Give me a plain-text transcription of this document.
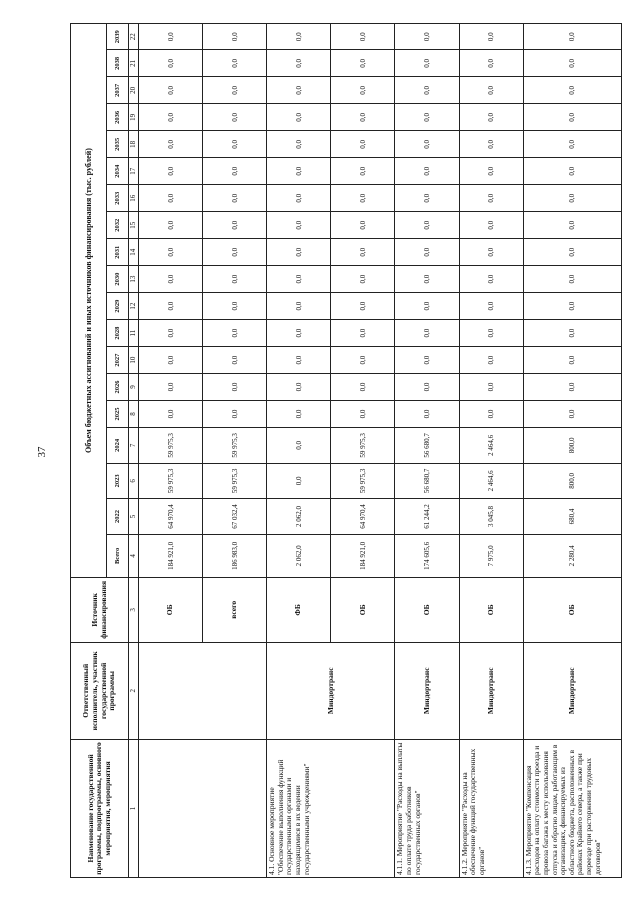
37
Наименование государственной программы, подпрограммы, основного мероприятия, мероприятия	Ответственный исполнитель, участник государственной программы	Источник финансирования	Объем бюджетных ассигнований и иных источников финансирования (тыс. рублей)																		
			Всего	2022	2023	2024	2025	2026	2027	2028	2029	2030	2031	2032	2033	2034	2035	2036	2037	2038	2039
1	2	3	4	5	6	7	8	9	10	11	12	13	14	15	16	17	18	19	20	21	22
		ОБ	184 921,0	64 970,4	59 975,3	59 975,3	0,0	0,0	0,0	0,0	0,0	0,0	0,0	0,0	0,0	0,0	0,0	0,0	0,0	0,0	0,0
		всего	186 983,0	67 032,4	59 975,3	59 975,3	0,0	0,0	0,0	0,0	0,0	0,0	0,0	0,0	0,0	0,0	0,0	0,0	0,0	0,0	0,0
4.1. Основное мероприятие "Обеспечение выполнения функций государственными органами и находящимися в их ведении государственными учреждениями"	Миндортранс	ФБ	2 062,0	2 062,0	0,0	0,0	0,0	0,0	0,0	0,0	0,0	0,0	0,0	0,0	0,0	0,0	0,0	0,0	0,0	0,0	0,0
		ОБ	184 921,0	64 970,4	59 975,3	59 975,3	0,0	0,0	0,0	0,0	0,0	0,0	0,0	0,0	0,0	0,0	0,0	0,0	0,0	0,0	0,0
4.1.1. Мероприятие "Расходы на выплаты по оплате труда работников государственных органов"	Миндортранс	ОБ	174 605,6	61 244,2	56 680,7	56 680,7	0,0	0,0	0,0	0,0	0,0	0,0	0,0	0,0	0,0	0,0	0,0	0,0	0,0	0,0	0,0
4.1.2. Мероприятие "Расходы на обеспечение функций государственных органов"	Миндортранс	ОБ	7 975,0	3 045,8	2 464,6	2 464,6	0,0	0,0	0,0	0,0	0,0	0,0	0,0	0,0	0,0	0,0	0,0	0,0	0,0	0,0	0,0
4.1.3. Мероприятие "Компенсация расходов на оплату стоимости проезда и провоза багажа к месту использования отпуска и обратно лицам, работающим в организациях, финансируемых из областного бюджета, расположенных в районах Крайнего севера, а также при переезде при расторжении трудовых договоров"	Миндортранс	ОБ	2 280,4	680,4	800,0	800,0	0,0	0,0	0,0	0,0	0,0	0,0	0,0	0,0	0,0	0,0	0,0	0,0	0,0	0,0	0,0
